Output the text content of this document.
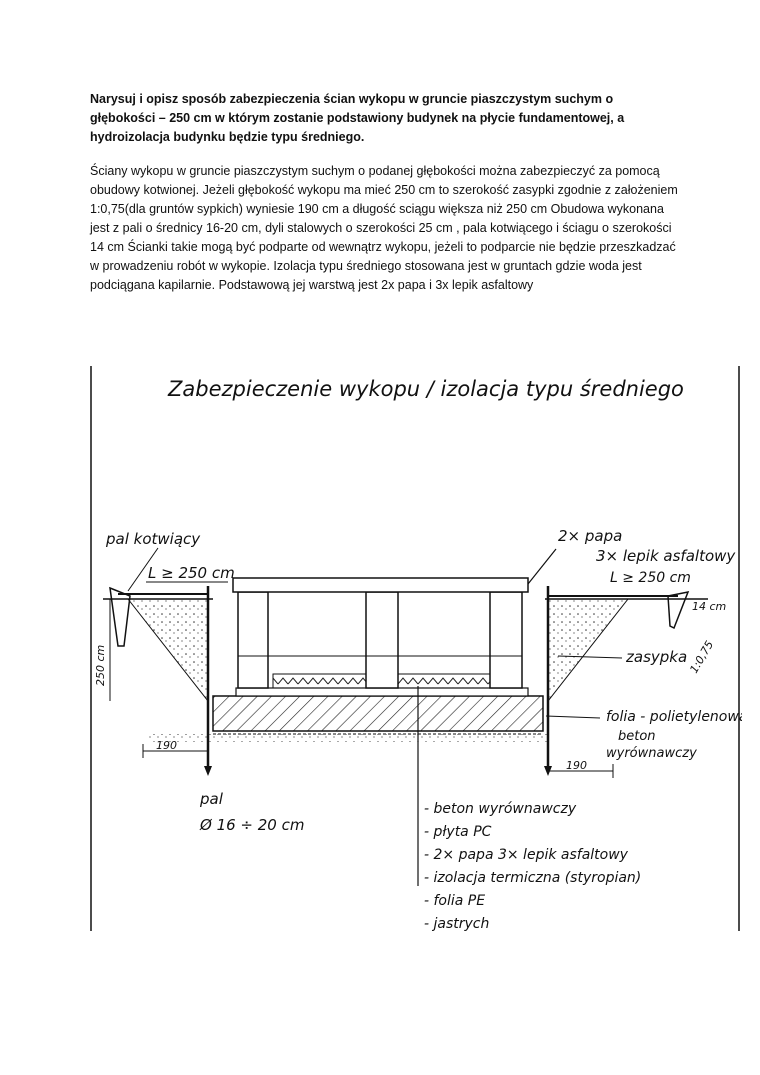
Narysuj i opisz sposób zabezpieczenia ścian wykopu w gruncie piaszczystym suchym o głębokości – 250 cm w którym zostanie podstawiony budynek na płycie fundamentowej, a hydroizolacja budynku będzie typu średniego.

Ściany wykopu w gruncie piaszczystym suchym o podanej głębokości można zabezpieczyć za pomocą obudowy kotwionej. Jeżeli głębokość wykopu ma mieć 250 cm to szerokość zasypki zgodnie z założeniem 1:0,75(dla gruntów sypkich) wyniesie 190 cm a długość sciągu większa niż 250 cm Obudowa wykonana jest z pali o średnicy 16-20 cm, dyli stalowych o szerokości 25 cm , pala kotwiącego i ściagu o szerokości 14 cm Ścianki takie mogą być podparte od wewnątrz wykopu, jeżeli to podparcie nie będzie przeszkadzać w prowadzeniu robót w wykopie. Izolacja typu średniego stosowana jest w gruntach gdzie woda jest podciągana kapilarnie. Podstawową jej warstwą jest 2x papa i 3x lepik asfaltowy

Zabezpieczenie wykopu / izolacja typu średniego
250 cm
190
190
pal kotwiący
L ≥ 250 cm
pal
Ø 16 ÷ 20 cm
2× papa
3× lepik asfaltowy
L ≥ 250 cm
14 cm
zasypka 1:0,75
folia - polietylenowa
beton
wyrównawczy
- beton wyrównawczy
- płyta PC
- 2× papa 3× lepik asfaltowy
- izolacja termiczna (styropian)
- folia PE
- jastrych
